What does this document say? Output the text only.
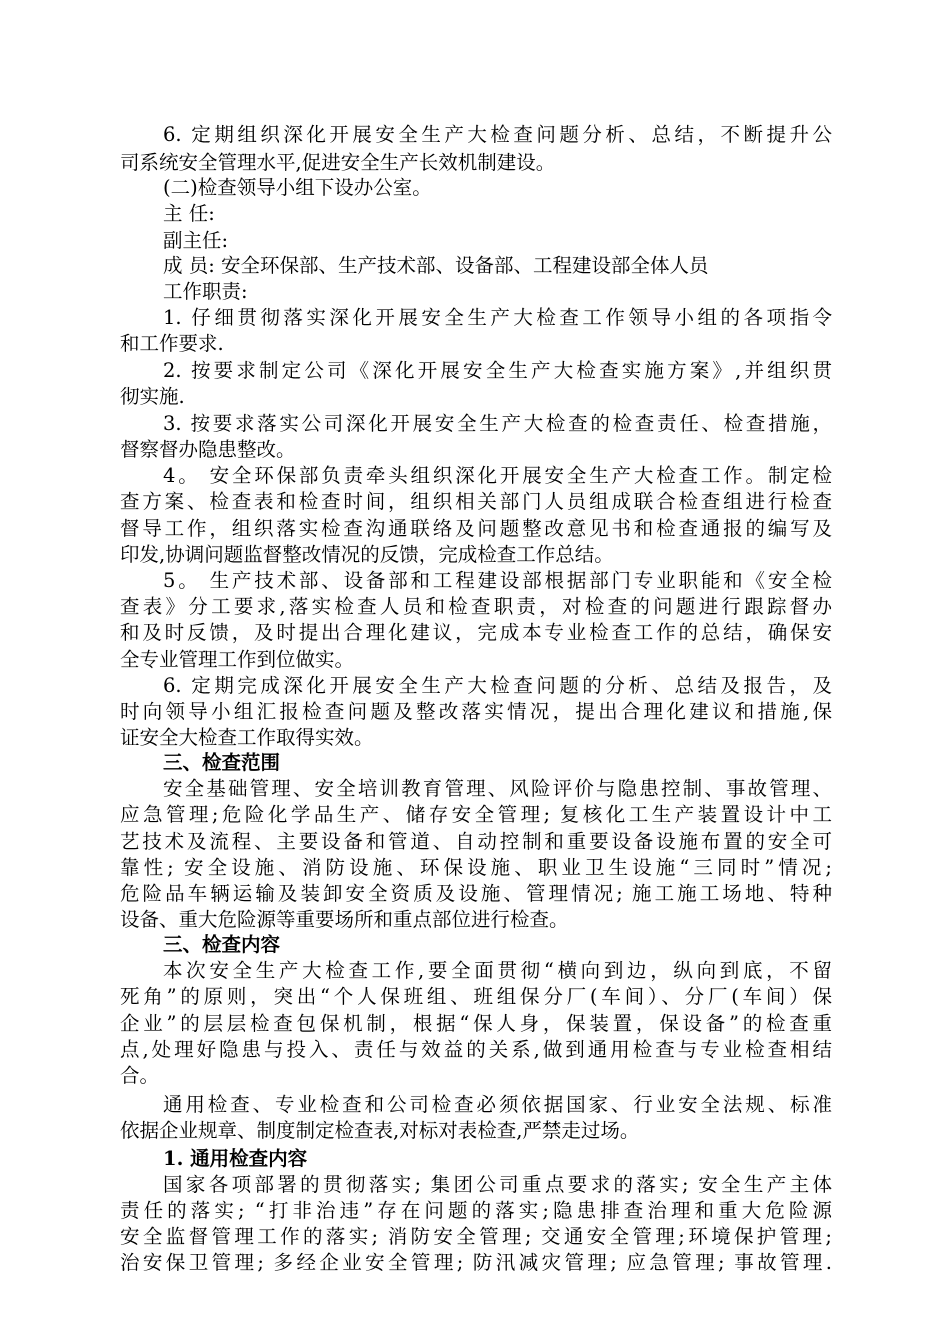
6. 定期组织深化开展安全生产大检查问题分析、总结，不断提升公
司系统安全管理水平,促进安全生产长效机制建设。
(二)检查领导小组下设办公室。
主 任:
副主任:
成 员: 安全环保部、生产技术部、设备部、工程建设部全体人员
工作职责:
1. 仔细贯彻落实深化开展安全生产大检查工作领导小组的各项指令
和工作要求.
2. 按要求制定公司《深化开展安全生产大检查实施方案》,并组织贯
彻实施.
3. 按要求落实公司深化开展安全生产大检查的检查责任、检查措施，
督察督办隐患整改。
4。 安全环保部负责牵头组织深化开展安全生产大检查工作。制定检
查方案、检查表和检查时间，组织相关部门人员组成联合检查组进行检查
督导工作，组织落实检查沟通联络及问题整改意见书和检查通报的编写及
印发,协调问题监督整改情况的反馈，完成检查工作总结。
5。 生产技术部、设备部和工程建设部根据部门专业职能和《安全检
查表》分工要求,落实检查人员和检查职责，对检查的问题进行跟踪督办
和及时反馈，及时提出合理化建议，完成本专业检查工作的总结，确保安
全专业管理工作到位做实。
6. 定期完成深化开展安全生产大检查问题的分析、总结及报告，及
时向领导小组汇报检查问题及整改落实情况，提出合理化建议和措施,保
证安全大检查工作取得实效。
三、检查范围
安全基础管理、安全培训教育管理、风险评价与隐患控制、事故管理、
应急管理;危险化学品生产、储存安全管理; 复核化工生产装置设计中工
艺技术及流程、主要设备和管道、自动控制和重要设备设施布置的安全可
靠性; 安全设施、消防设施、环保设施、职业卫生设施“三同时”情况;
危险品车辆运输及装卸安全资质及设施、管理情况; 施工施工场地、特种
设备、重大危险源等重要场所和重点部位进行检查。
三、检查内容
本次安全生产大检查工作,要全面贯彻“横向到边，纵向到底，不留
死角”的原则，突出“个人保班组、班组保分厂(车间）、分厂(车间）保
企业”的层层检查包保机制，根据“保人身，保装置，保设备”的检查重
点,处理好隐患与投入、责任与效益的关系,做到通用检查与专业检查相结
合。
通用检查、专业检查和公司检查必须依据国家、行业安全法规、标准
依据企业规章、制度制定检查表,对标对表检查,严禁走过场。
1. 通用检查内容
国家各项部署的贯彻落实; 集团公司重点要求的落实; 安全生产主体
责任的落实; “打非治违”存在问题的落实;隐患排查治理和重大危险源
安全监督管理工作的落实; 消防安全管理; 交通安全管理;环境保护管理;
治安保卫管理; 多经企业安全管理; 防汛减灾管理; 应急管理; 事故管理.
